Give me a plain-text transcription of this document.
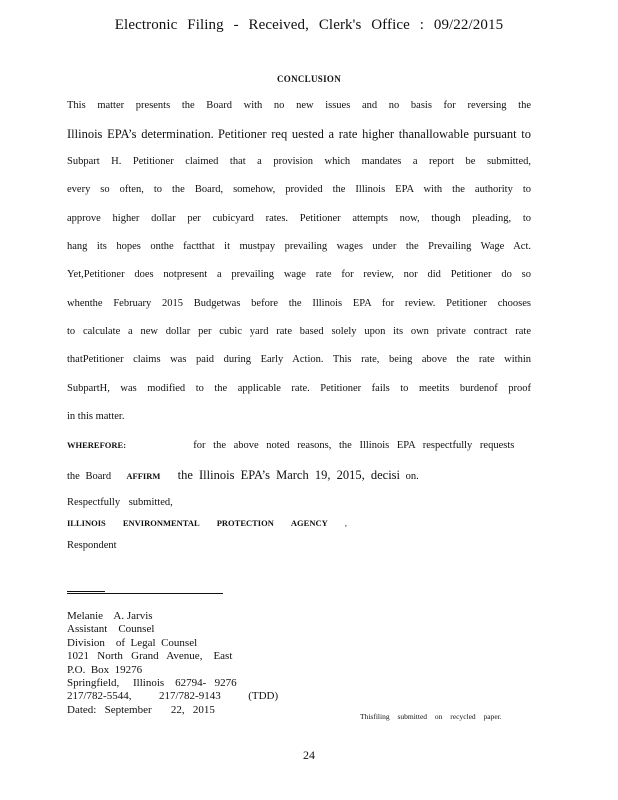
Electronic Filing - Received, Clerk's Office : 09/22/2015
CONCLUSION
This matter presents the Board with no new issues and no basis for reversing the
Illinois EPA’s determination. Petitioner req uested a rate higher thanallowable pursuant to
Subpart H. Petitioner claimed that a provision which mandates a report be submitted,
every so often, to the Board, somehow, provided the Illinois EPA with the authority to
approve higher dollar per cubicyard rates. Petitioner attempts now, though pleading, to
hang its hopes onthe factthat it mustpay prevailing wages under the Prevailing Wage Act.
Yet,Petitioner does notpresent a prevailing wage rate for review, nor did Petitioner do so
whenthe February 2015 Budgetwas before the Illinois EPA for review. Petitioner chooses
to calculate a new dollar per cubic yard rate based solely upon its own private contract rate
thatPetitioner claims was paid during Early Action. This rate, being above the rate within
SubpartH, was modified to the applicable rate. Petitioner fails to meetits burdenof proof
in this matter.
WHEREFORE:	for the above noted reasons, the Illinois EPA respectfully requests
the Board AFFIRM the Illinois EPA’s March 19, 2015, decisi on.
Respectfully submitted,
ILLINOIS ENVIRONMENTAL PROTECTION AGENCY ,
Respondent
Melanie    A. Jarvis
Assistant    Counsel
Division    of  Legal  Counsel
1021   North   Grand   Avenue,    East
P.O.  Box  19276
Springfield,     Illinois    62794-   9276
217/782-5544,          217/782-9143          (TDD)
Dated:   September       22,   2015
Thisfiling submitted on recycled paper.
24
